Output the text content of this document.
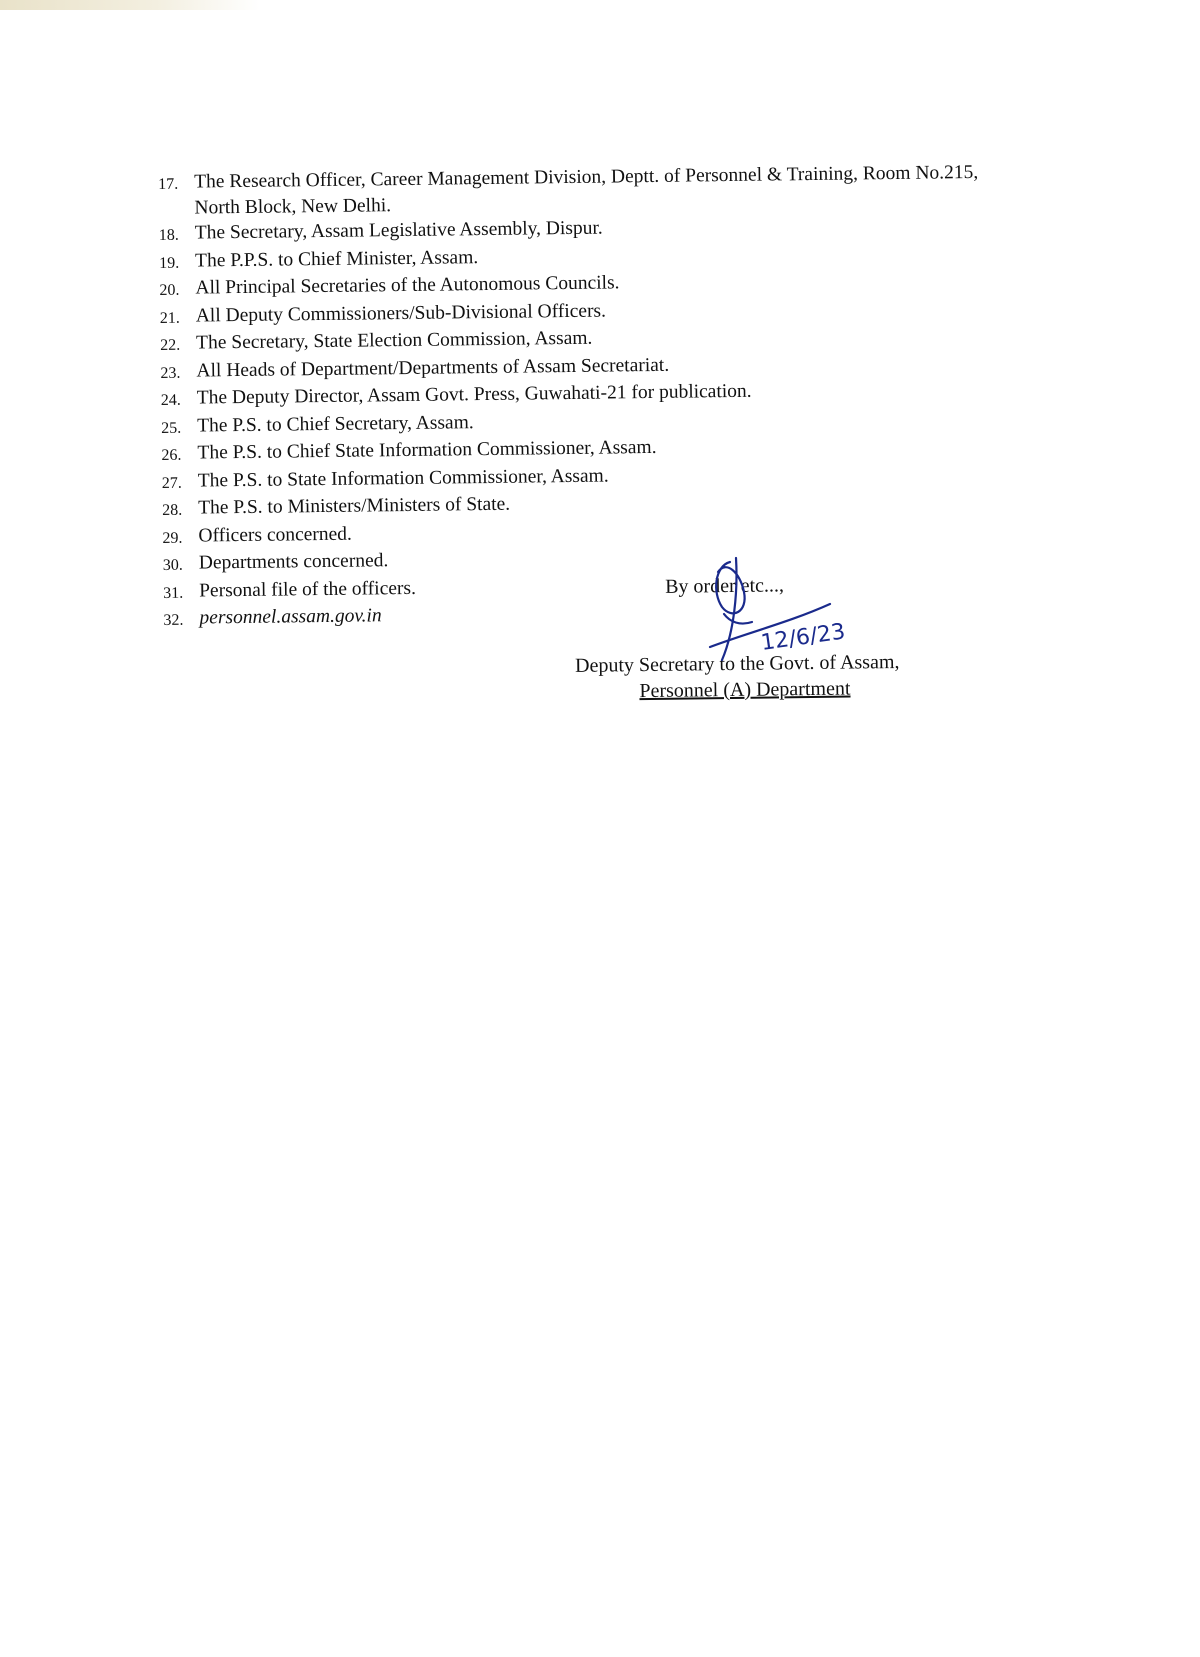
17. The Research Officer, Career Management Division, Deptt. of Personnel & Training, Room No.215, North Block, New Delhi.
18. The Secretary, Assam Legislative Assembly, Dispur.
19. The P.P.S. to Chief Minister, Assam.
20. All Principal Secretaries of the Autonomous Councils.
21. All Deputy Commissioners/Sub-Divisional Officers.
22. The Secretary, State Election Commission, Assam.
23. All Heads of Department/Departments of Assam Secretariat.
24. The Deputy Director, Assam Govt. Press, Guwahati-21 for publication.
25. The P.S. to Chief Secretary, Assam.
26. The P.S. to Chief State Information Commissioner, Assam.
27. The P.S. to State Information Commissioner, Assam.
28. The P.S. to Ministers/Ministers of State.
29. Officers concerned.
30. Departments concerned.
31. Personal file of the officers.
32. personnel.assam.gov.in
By order etc...,
Deputy Secretary to the Govt. of Assam,
Personnel (A) Department
12/6/23
